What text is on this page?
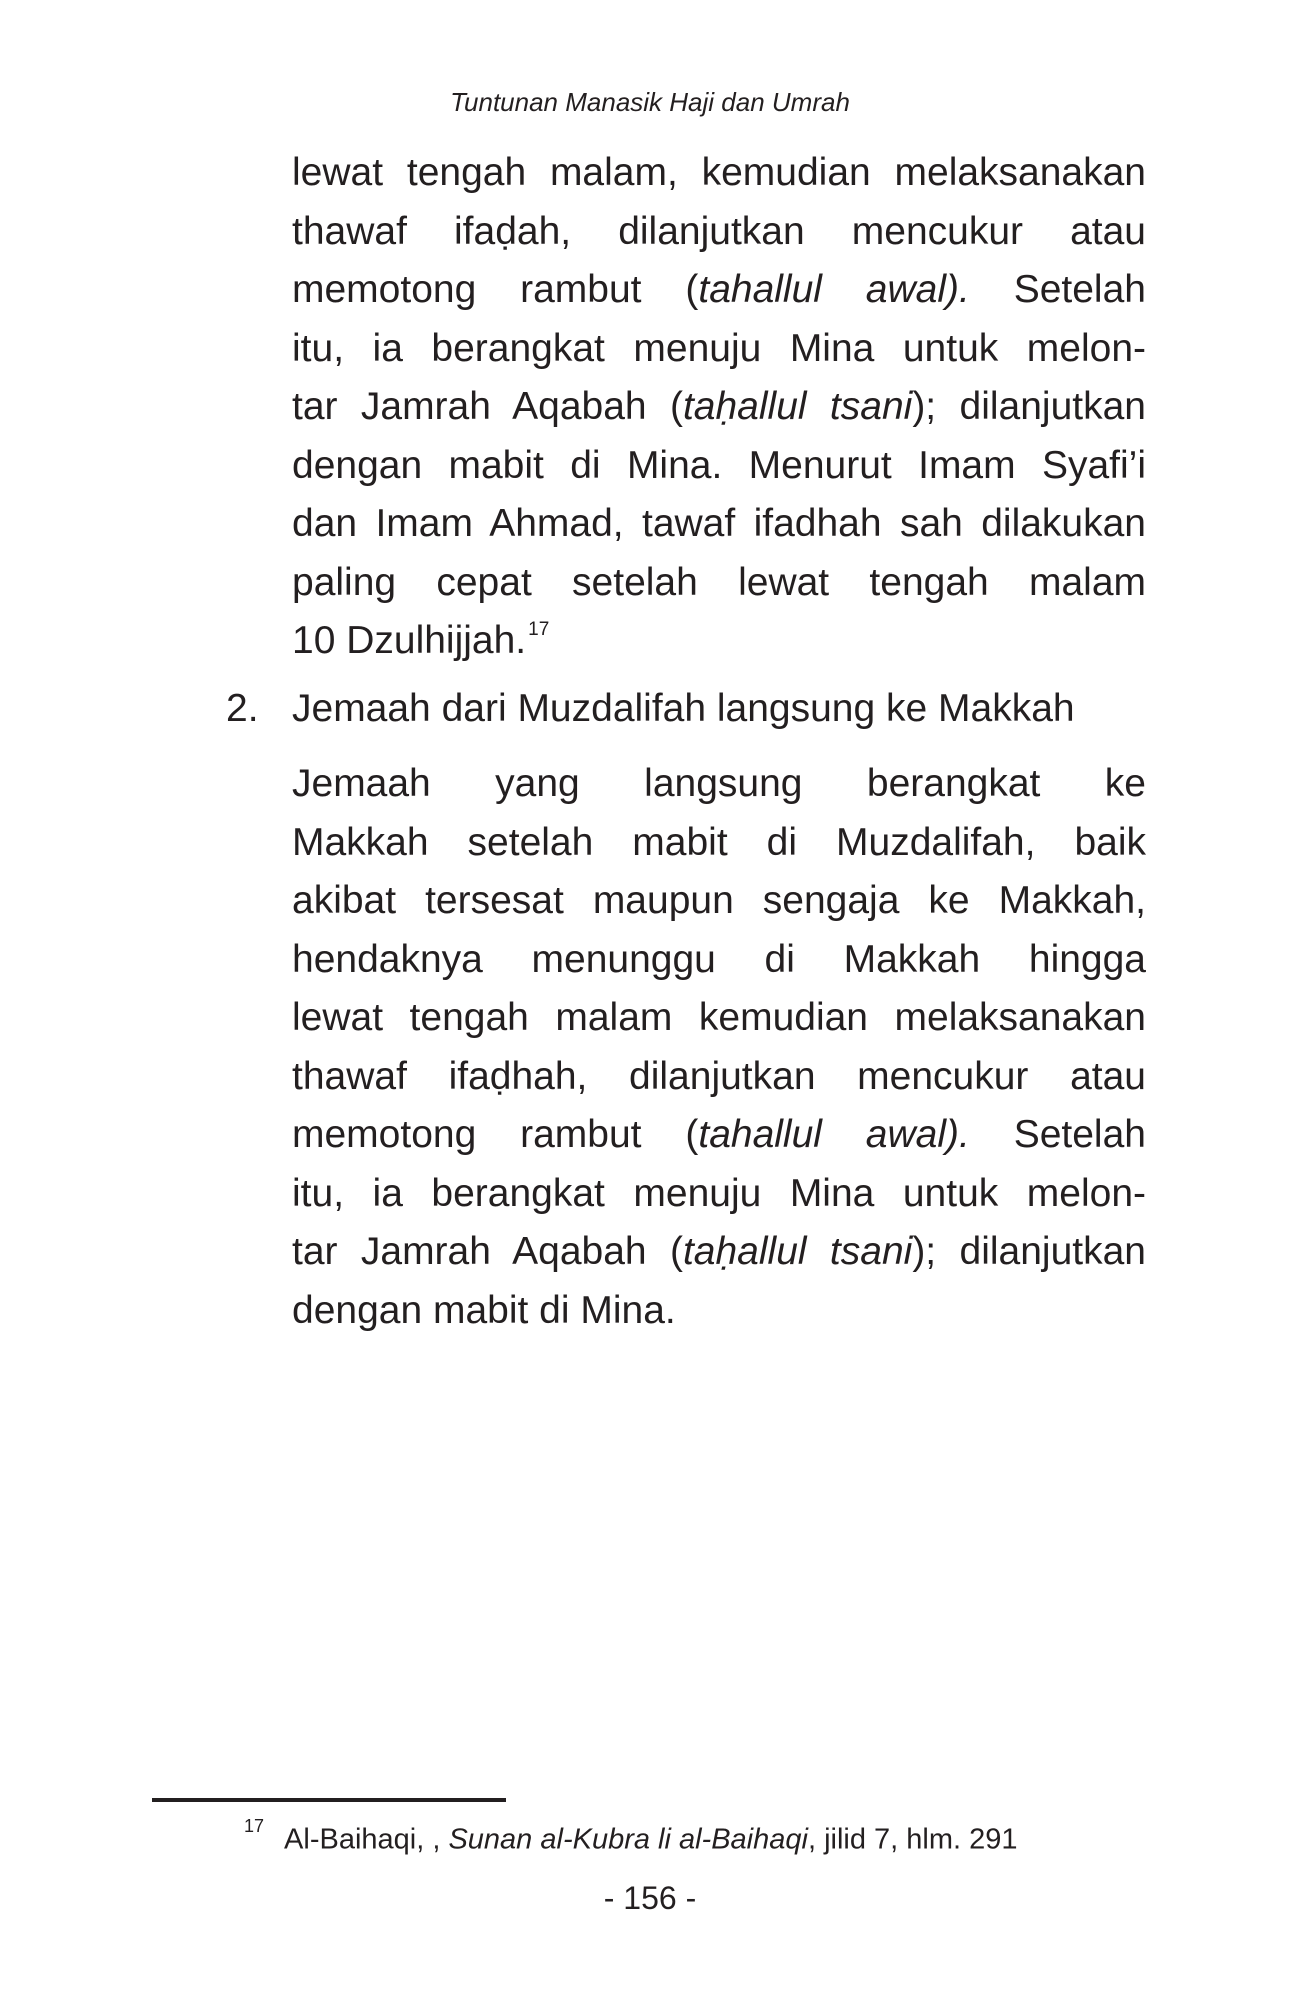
Tuntunan Manasik Haji dan Umrah
lewat tengah malam, kemudian melaksanakan
thawaf ifaḍah, dilanjutkan mencukur atau
memotong rambut (tahallul awal). Setelah
itu, ia berangkat menuju Mina untuk melon-
tar Jamrah Aqabah (taḥallul tsani); dilanjutkan
dengan mabit di Mina. Menurut Imam Syafi’i
dan Imam Ahmad, tawaf ifadhah sah dilakukan
paling cepat setelah lewat tengah malam
10 Dzulhijjah. $^{17}$
2. Jemaah dari Muzdalifah langsung ke Makkah
Jemaah yang langsung berangkat ke
Makkah setelah mabit di Muzdalifah, baik
akibat tersesat maupun sengaja ke Makkah,
hendaknya menunggu di Makkah hingga
lewat tengah malam kemudian melaksanakan
thawaf ifaḍhah, dilanjutkan mencukur atau
memotong rambut (tahallul awal). Setelah
itu, ia berangkat menuju Mina untuk melon-
tar Jamrah Aqabah (taḥallul tsani); dilanjutkan
dengan mabit di Mina.
$^{17}$ Al-Baihaqi, , Sunan al-Kubra li al-Baihaqi, jilid 7, hlm. 291
- 156 -
